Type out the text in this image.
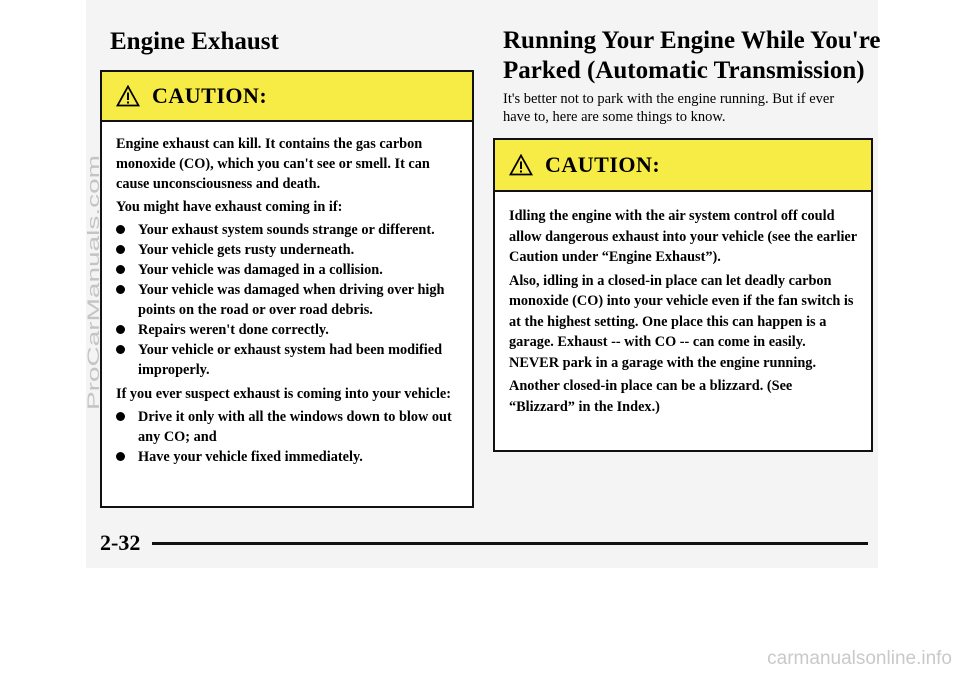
Engine Exhaust
CAUTION:

Engine exhaust can kill. It contains the gas carbon monoxide (CO), which you can't see or smell. It can cause unconsciousness and death.

You might have exhaust coming in if:

Your exhaust system sounds strange or different.
Your vehicle gets rusty underneath.
Your vehicle was damaged in a collision.
Your vehicle was damaged when driving over high points on the road or over road debris.
Repairs weren't done correctly.
Your vehicle or exhaust system had been modified improperly.

If you ever suspect exhaust is coming into your vehicle:

Drive it only with all the windows down to blow out any CO; and
Have your vehicle fixed immediately.
Running Your Engine While You're Parked (Automatic Transmission)

It's better not to park with the engine running. But if ever have to, here are some things to know.

CAUTION:

Idling the engine with the air system control off could allow dangerous exhaust into your vehicle (see the earlier Caution under “Engine Exhaust”).

Also, idling in a closed-in place can let deadly carbon monoxide (CO) into your vehicle even if the fan switch is at the highest setting. One place this can happen is a garage. Exhaust -- with CO -- can come in easily. NEVER park in a garage with the engine running.

Another closed-in place can be a blizzard. (See “Blizzard” in the Index.)

2-32
ProCarManuals.com
carmanualsonline.info
